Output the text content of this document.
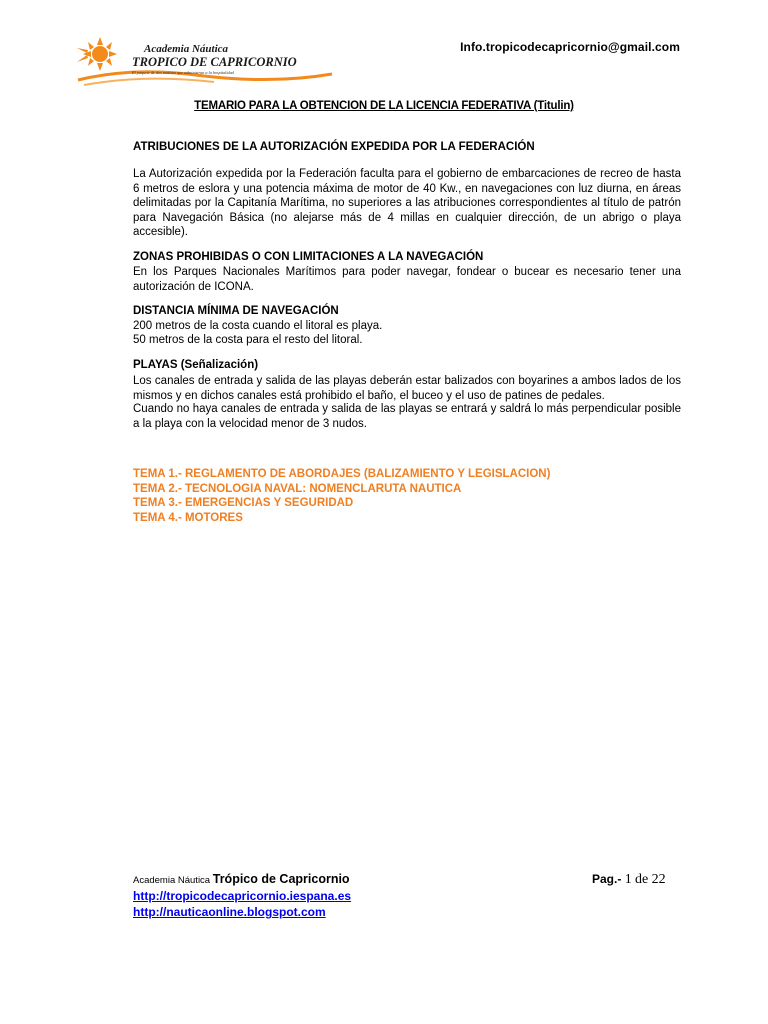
Academia Náutica
TROPICO DE CAPRICORNIO
El paquete de dos motivos que administran a la hospitalidad
Info.tropicodecapricornio@gmail.com
TEMARIO PARA LA OBTENCION DE LA LICENCIA FEDERATIVA (Titulin)
ATRIBUCIONES DE LA AUTORIZACIÓN EXPEDIDA POR LA FEDERACIÓN

La Autorización expedida por la Federación faculta para el gobierno de embarcaciones de recreo de hasta 6 metros de eslora y una potencia máxima de motor de 40 Kw., en navegaciones con luz diurna, en áreas delimitadas por la Capitanía Marítima, no superiores a las atribuciones correspondientes al título de patrón para Navegación Básica (no alejarse más de 4 millas en cualquier dirección, de un abrigo o playa accesible).

ZONAS PROHIBIDAS O CON LIMITACIONES A LA NAVEGACIÓN

En los Parques Nacionales Marítimos para poder navegar, fondear o bucear es necesario tener una autorización de ICONA.

DISTANCIA MÍNIMA DE NAVEGACIÓN

200 metros de la costa cuando el litoral es playa.

50 metros de la costa para el resto del litoral.

PLAYAS (Señalización)

Los canales de entrada y salida de las playas deberán estar balizados con boyarines a ambos lados de los mismos y en dichos canales está prohibido el baño, el buceo y el uso de patines de pedales.

Cuando no haya canales de entrada y salida de las playas se entrará y saldrá lo más perpendicular posible a la playa con la velocidad menor de 3 nudos.

TEMA 1.- REGLAMENTO DE ABORDAJES (BALIZAMIENTO Y LEGISLACION)
TEMA 2.- TECNOLOGIA NAVAL: NOMENCLARUTA NAUTICA
TEMA 3.- EMERGENCIAS Y SEGURIDAD
TEMA 4.- MOTORES
Academia Náutica Trópico de Capricornio	Pag.- 1 de 22
http://tropicodecapricornio.iespana.es
http://nauticaonline.blogspot.com
